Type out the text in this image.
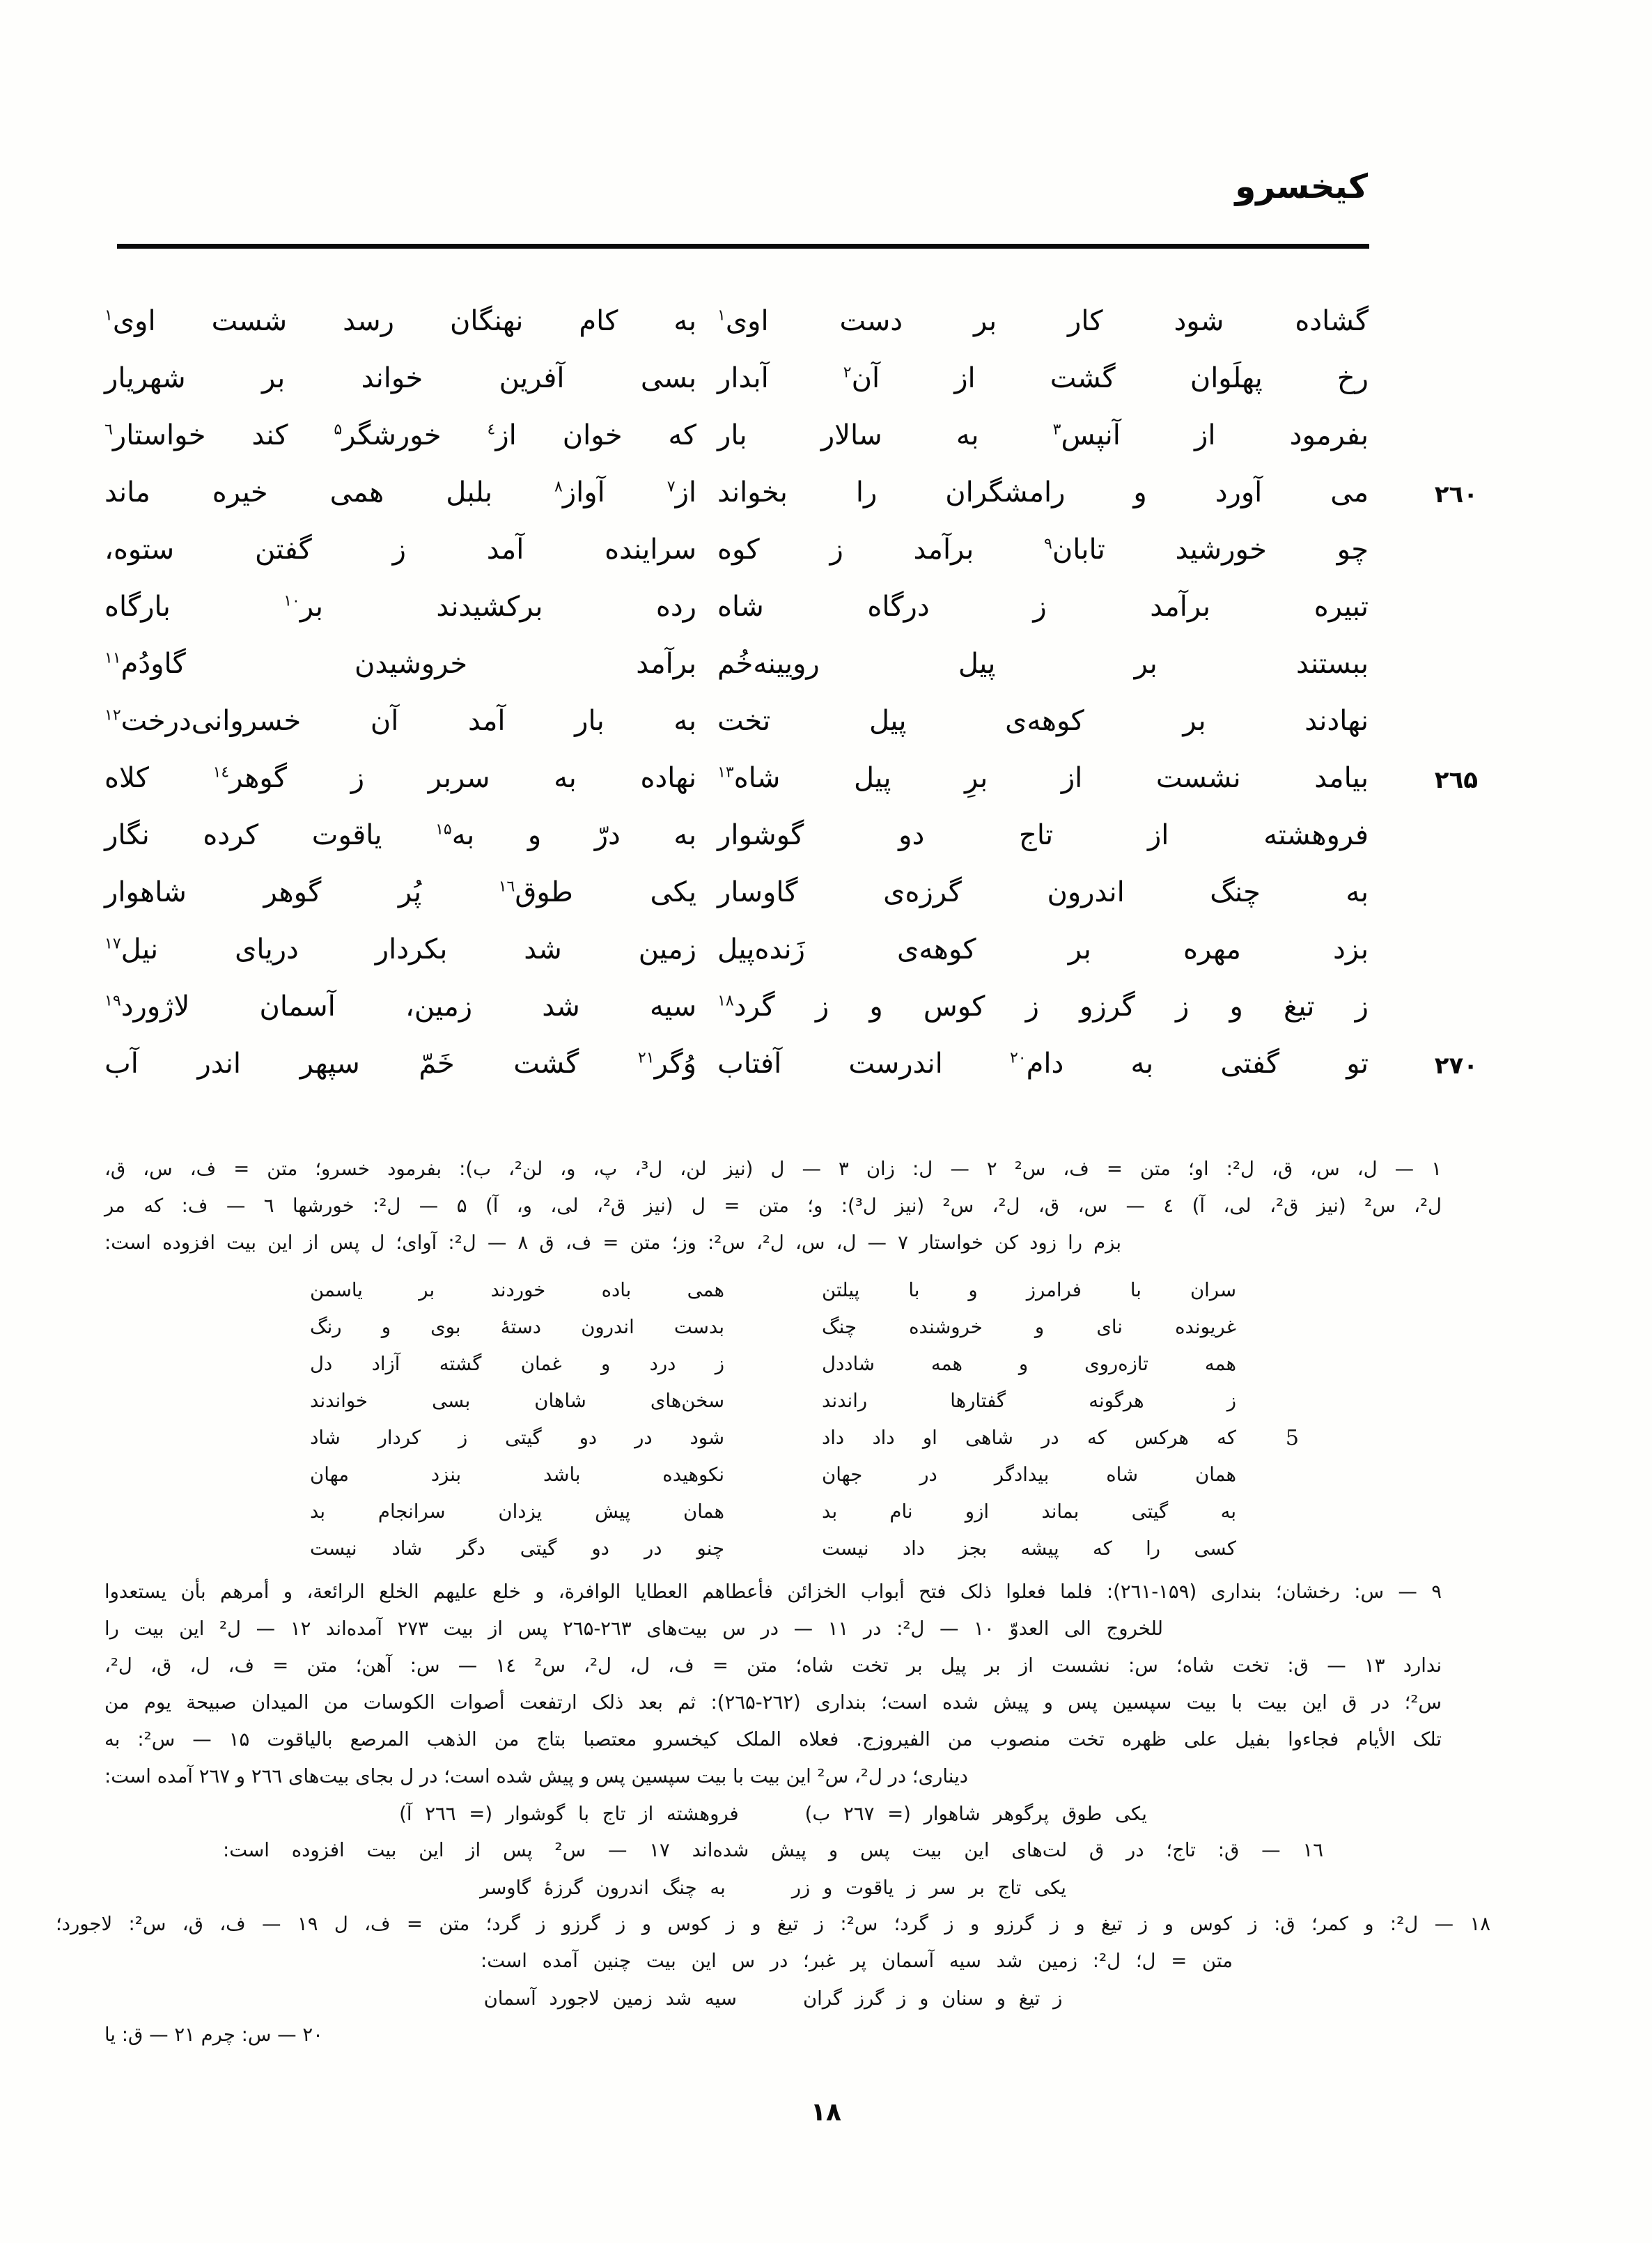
کیخسرو
گشاده
شود
کار
بر
دست
اوی$^۱$
به
کام
نهنگان
رسد
شست
اوی$^۱$
رخ
پهلَوان
گشت
از
آن$^۲$
آبدار
بسی
آفرین
خواند
بر
شهریار
بفرمود
از
آنپس$^۳$
به
سالار
بار
که
خوان
از$^٤$
خورشگر$^۵$
کند
خواستار$^٦$
می
آورد
و
رامشگران
را
بخواند
از$^۷$
آواز$^۸$
بلبل
همی
خیره
ماند
چو
خورشید
تابان$^۹$
برآمد
ز
کوه
سراینده
آمد
ز
گفتن
ستوه،
تبیره
برآمد
ز
درگاه
شاه
رده
برکشیدند
بر$^{۱۰}$
بارگاه
ببستند
بر
پیل
رویینه‌خُم
برآمد
خروشیدن
گاودُم$^{۱۱}$
نهادند
بر
کوهه‌ی
پیل
تخت
به
بار
آمد
آن
خسروانی‌درخت$^{۱۲}$
بیامد
نشست
از
برِ
پیل
شاه$^{۱۳}$
نهاده
به
سربر
ز
گوهر$^{۱٤}$
کلاه
فروهشته
از
تاج
دو
گوشوار
به
درّ
و
به$^{۱۵}$
یاقوت
کرده
نگار
به
چنگ
اندرون
گرزه‌ی
گاوسار
یکی
طوق$^{۱٦}$
پُر
گوهر
شاهوار
بزد
مهره
بر
کوهه‌ی
زَنده‌پیل
زمین
شد
بکردار
دریای
نیل$^{۱۷}$
ز
تیغ
و
ز
گرزو
ز
کوس
و
ز
گرد$^{۱۸}$
سیه
شد
زمین،
آسمان
لاژورد$^{۱۹}$
تو
گفتی
به
دام$^{۲۰}$
اندرست
آفتاب
وُگر$^{۲۱}$
گشت
خَمّ
سپهر
اندر
آب
۲٦۰
۲٦۵
۲۷۰
۱ — ل، س، ق، ل²: او؛ متن = ف، س² ۲ — ل: زان ۳ — ل (نیز لن، ل³، پ، و، لن²، ب): بفرمود خسرو؛ متن = ف، س، ق،
ل²، س² (نیز ق²، لی، آ) ٤ — س، ق، ل²، س² (نیز ل³): و؛ متن = ل (نیز ق²، لی، و، آ) ۵ — ل²: خورشها ٦ — ف: که مر
بزم را زود کن خواستار ۷ — ل، س، ل²، س²: وز؛ متن = ف، ق ۸ — ل²: آوای؛ ل پس از این بیت افزوده است:
سران
با
فرامرز
و
با
پیلتن
همی
باده
خوردند
بر
یاسمن
غریونده
نای
و
خروشنده
چنگ
بدست
اندرون
دستهٔ
بوی
و
رنگ
همه
تازه‌روی
و
همه
شاددل
ز
درد
و
غمان
گشته
آزاد
دل
ز
هرگونه
گفتارها
راندند
سخن‌های
شاهان
بسی
خواندند
که
هرکس
که
در
شاهی
او
داد
داد
شود
در
دو
گیتی
ز
کردار
شاد
همان
شاه
بیدادگر
در
جهان
نکوهیده
باشد
بنزد
مهان
به
گیتی
بماند
ازو
نام
بد
همان
پیش
یزدان
سرانجام
بد
کسی
را
که
پیشه
بجز
داد
نیست
چنو
در
دو
گیتی
دگر
شاد
نیست
5
۹ — س: رخشان؛ بنداری (۱۵۹-۲٦۱): فلما فعلوا ذلک فتح أبواب الخزائن فأعطاهم العطایا الوافرة، و خلع علیهم الخلع الرائعة، و أمرهم بأن یستعدوا
للخروج الی العدوّ ۱۰ — ل²: در ۱۱ — در س بیت‌های ۲٦۳-۲٦۵ پس از بیت ۲۷۳ آمده‌اند ۱۲ — ل² این بیت را
ندارد ۱۳ — ق: تخت شاه؛ س: نشست از بر پیل بر تخت شاه؛ متن = ف، ل، ل²، س² ۱٤ — س: آهن؛ متن = ف، ل، ق، ل²،
س²؛ در ق این بیت با بیت سپسین پس و پیش شده است؛ بنداری (۲٦۲-۲٦۵): ثم بعد ذلک ارتفعت أصوات الکوسات من المیدان صبیحة یوم من
تلک الأیام فجاءوا بفیل علی ظهره تخت منصوب من الفیروزج. فعلاه الملک کیخسرو معتصبا بتاج من الذهب المرصع بالیاقوت ۱۵ — س²: به
دیناری؛ در ل²، س² این بیت با بیت سپسین پس و پیش شده است؛ در ل بجای بیت‌های ۲٦٦ و ۲٦۷ آمده است:
یکی طوق پرگوهر شاهوار (= ۲٦۷ ب)
فروهشته از تاج با گوشوار (= ۲٦٦ آ)
۱٦ — ق: تاج؛ در ق لت‌های این بیت پس و پیش شده‌اند ۱۷ — س² پس از این بیت افزوده است:
یکی تاج بر سر ز یاقوت و زر
به چنگ اندرون گرزهٔ گاوسر
۱۸ — ل²: و کمر؛ ق: ز کوس و ز تیغ و ز گرزو و ز گرد؛ س²: ز تیغ و ز کوس و ز گرزو ز گرد؛ متن = ف، ل ۱۹ — ف، ق، س²: لاجورد؛
متن = ل؛ ل²: زمین شد سیه آسمان پر غبر؛ در س این بیت چنین آمده است:
ز تیغ و سنان و ز گرز گران
سیه شد زمین لاجورد آسمان
۲۰ — س: چرم ۲۱ — ق: یا
۱۸
